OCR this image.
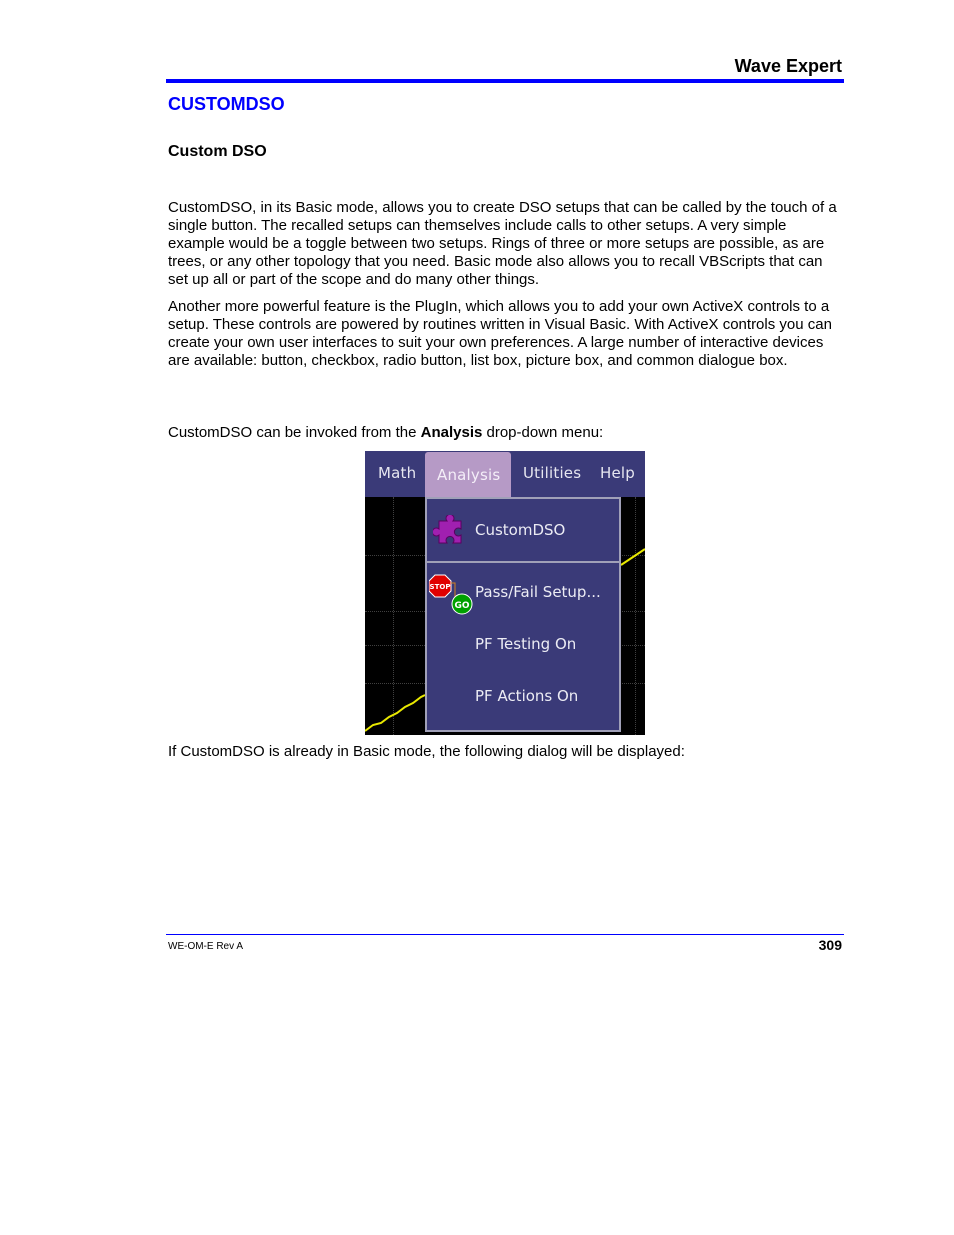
Wave Expert
CUSTOMDSO
Custom DSO

CustomDSO, in its Basic mode, allows you to create DSO setups that can be called by the touch of a single button. The recalled setups can themselves include calls to other setups. A very simple example would be a toggle between two setups. Rings of three or more setups are possible, as are trees, or any other topology that you need. Basic mode also allows you to recall VBScripts that can set up all or part of the scope and do many other things.

Another more powerful feature is the PlugIn, which allows you to add your own ActiveX controls to a setup. These controls are powered by routines written in Visual Basic. With ActiveX controls you can create your own user interfaces to suit your own preferences. A large number of interactive devices are available: button, checkbox, radio button, list box, picture box, and common dialogue box.

CustomDSO can be invoked from the Analysis drop-down menu:

Math Analysis Utilities Help
CustomDSO
STOP
GO
Pass/Fail Setup...
PF Testing On
PF Actions On

If CustomDSO is already in Basic mode, the following dialog will be displayed:

WE-OM-E Rev A	309
